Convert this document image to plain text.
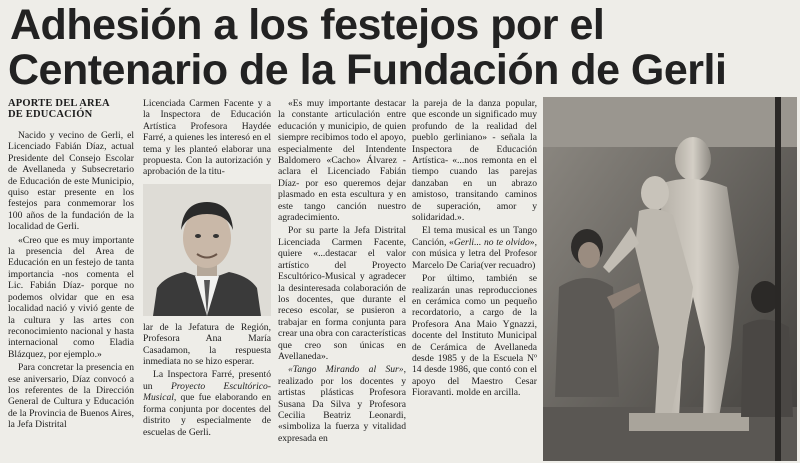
Adhesión a los festejos por el
Centenario de la Fundación de Gerli
APORTE DEL AREA
DE EDUCACIÓN

Nacido y vecino de Gerli, el Licenciado Fabián Díaz, actual Presidente del Consejo Escolar de Avellaneda y Subsecretario de Educación de este Municipio, quiso estar presente en los festejos para conmemorar los 100 años de la fundación de la localidad de Gerli.

«Creo que es muy importante la presencia del Area de Educación en un festejo de tanta importancia -nos comenta el Lic. Fabián Díaz- porque no podemos olvidar que en esa localidad nació y vivió gente de la cultura y las artes con reconocimiento nacional y hasta internacional como Eladia Blázquez, por ejemplo.»

Para concretar la presencia en ese aniversario, Díaz convocó a los referentes de la Dirección General de Cultura y Educación de la Provincia de Buenos Aires, la Jefa Distrital

Licenciada Carmen Facente y a la Inspectora de Educación Artística Profesora Haydée Farré, a quienes les interesó en el tema y les planteó elaborar una propuesta. Con la autorización y aprobación de la titu-

lar de la Jefatura de Región, Profesora Ana María Casadamon, la respuesta inmediata no se hizo esperar.

La Inspectora Farré, presentó un Proyecto Escultórico-Musical, que fue elaborando en forma conjunta por docentes del distrito y especialmente de escuelas de Gerli.

«Es muy importante destacar la constante articulación entre educación y municipio, de quien siempre recibimos todo el apoyo, especialmente del Intendente Baldomero «Cacho» Álvarez -aclara el Licenciado Fabián Díaz- por eso queremos dejar plasmado en esta escultura y en este tango canción nuestro agradecimiento.

Por su parte la Jefa Distrital Licenciada Carmen Facente, quiere «...destacar el valor artístico del Proyecto Escultórico-Musical y agradecer la desinteresada colaboración de los docentes, que durante el receso escolar, se pusieron a trabajar en forma conjunta para crear una obra con características que creo son únicas en Avellaneda».

«Tango Mirando al Sur», realizado por los docentes y artistas plásticas Profesora Susana Da Silva y Profesora Cecilia Beatriz Leonardi, «simboliza la fuerza y vitalidad expresada en

la pareja de la danza popular, que esconde un significado muy profundo de la realidad del pueblo gerliniano» - señala la Inspectora de Educación Artística- «...nos remonta en el tiempo cuando las parejas danzaban en un abrazo amistoso, transitando caminos de superación, amor y solidaridad.».

El tema musical es un Tango Canción, «Gerli... no te olvido», con música y letra del Profesor Marcelo De Caria(ver recuadro)

Por último, también se realizarán unas reproducciones en cerámica como un pequeño recordatorio, a cargo de la Profesora Ana Maio Ygnazzi, docente del Instituto Municipal de Cerámica de Avellaneda desde 1985 y de la Escuela Nº 14 desde 1986, que contó con el apoyo del Maestro Cesar Fioravanti. molde en arcilla.
